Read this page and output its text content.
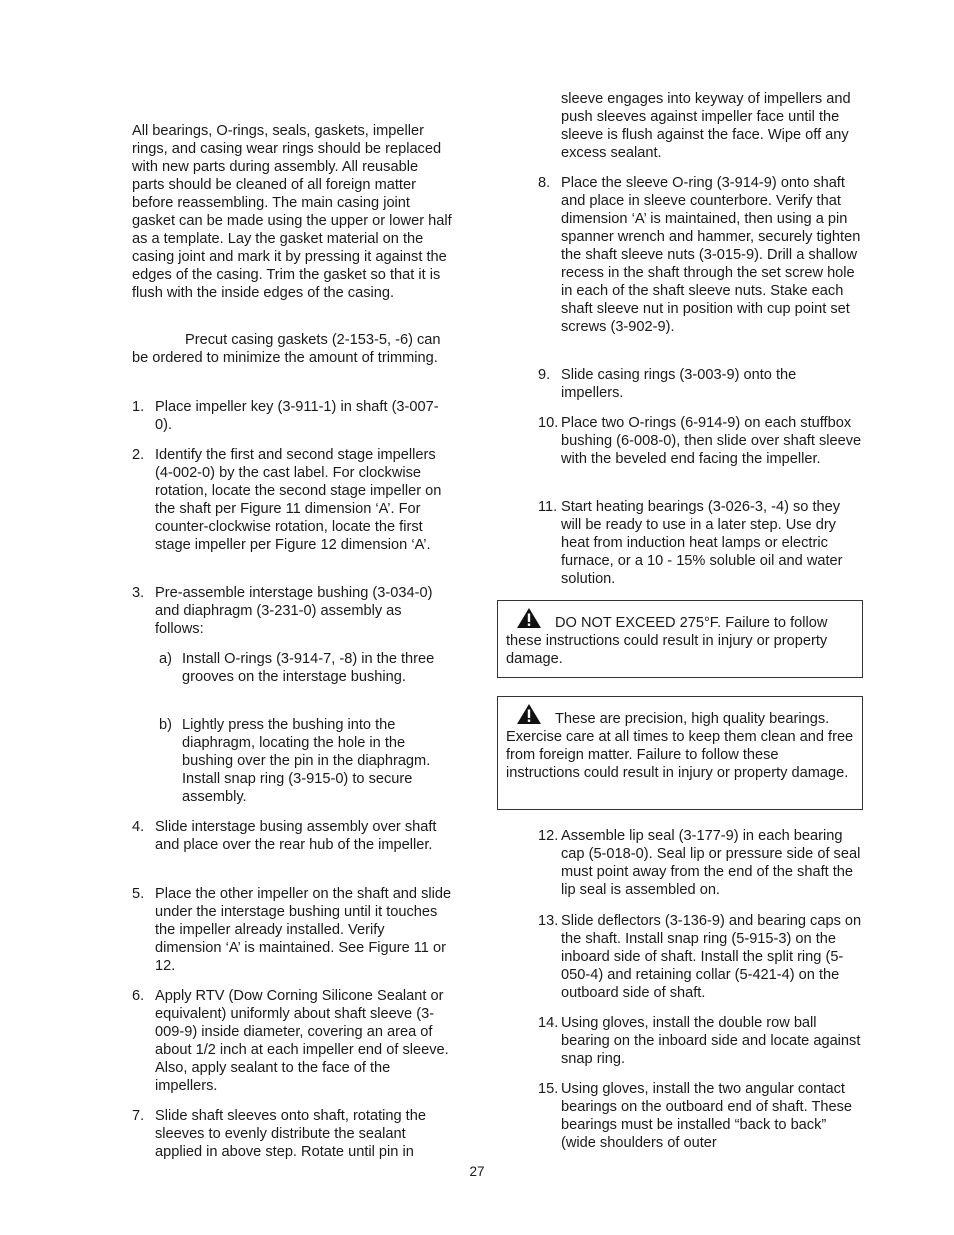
All bearings, O-rings, seals, gaskets, impeller rings, and casing wear rings should be replaced with new parts during assembly. All reusable parts should be cleaned of all foreign matter before reassembling. The main casing joint gasket can be made using the upper or lower half as a template. Lay the gasket material on the casing joint and mark it by pressing it against the edges of the casing. Trim the gasket so that it is flush with the inside edges of the casing.

Precut casing gaskets (2-153-5, -6) can be ordered to minimize the amount of trimming.

1. Place impeller key (3-911-1) in shaft (3-007-0).
2. Identify the first and second stage impellers (4-002-0) by the cast label. For clockwise rotation, locate the second stage impeller on the shaft per Figure 11 dimension ‘A’. For counter-clockwise rotation, locate the first stage impeller per Figure 12 dimension ‘A’.
3. Pre-assemble interstage bushing (3-034-0) and diaphragm (3-231-0) assembly as follows:
a) Install O-rings (3-914-7, -8) in the three grooves on the interstage bushing.
b) Lightly press the bushing into the diaphragm, locating the hole in the bushing over the pin in the diaphragm. Install snap ring (3-915-0) to secure assembly.
4. Slide interstage busing assembly over shaft and place over the rear hub of the impeller.
5. Place the other impeller on the shaft and slide under the interstage bushing until it touches the impeller already installed. Verify dimension ‘A’ is maintained. See Figure 11 or 12.
6. Apply RTV (Dow Corning Silicone Sealant or equivalent) uniformly about shaft sleeve (3-009-9) inside diameter, covering an area of about 1/2 inch at each impeller end of sleeve. Also, apply sealant to the face of the impellers.
7. Slide shaft sleeves onto shaft, rotating the sleeves to evenly distribute the sealant applied in above step. Rotate until pin in

sleeve engages into keyway of impellers and push sleeves against impeller face until the sleeve is flush against the face. Wipe off any excess sealant.

8. Place the sleeve O-ring (3-914-9) onto shaft and place in sleeve counterbore. Verify that dimension ‘A’ is maintained, then using a pin spanner wrench and hammer, securely tighten the shaft sleeve nuts (3-015-9). Drill a shallow recess in the shaft through the set screw hole in each of the shaft sleeve nuts. Stake each shaft sleeve nut in position with cup point set screws (3-902-9).
9. Slide casing rings (3-003-9) onto the impellers.
10. Place two O-rings (6-914-9) on each stuffbox bushing (6-008-0), then slide over shaft sleeve with the beveled end facing the impeller.
11. Start heating bearings (3-026-3, -4) so they will be ready to use in a later step. Use dry heat from induction heat lamps or electric furnace, or a 10 - 15% soluble oil and water solution.

DO NOT EXCEED 275°F. Failure to follow these instructions could result in injury or property damage.

These are precision, high quality bearings. Exercise care at all times to keep them clean and free from foreign matter. Failure to follow these instructions could result in injury or property damage.

12. Assemble lip seal (3-177-9) in each bearing cap (5-018-0). Seal lip or pressure side of seal must point away from the end of the shaft the lip seal is assembled on.
13. Slide deflectors (3-136-9) and bearing caps on the shaft. Install snap ring (5-915-3) on the inboard side of shaft. Install the split ring (5-050-4) and retaining collar (5-421-4) on the outboard side of shaft.
14. Using gloves, install the double row ball bearing on the inboard side and locate against snap ring.
15. Using gloves, install the two angular contact bearings on the outboard end of shaft. These bearings must be installed “back to back” (wide shoulders of outer
27
